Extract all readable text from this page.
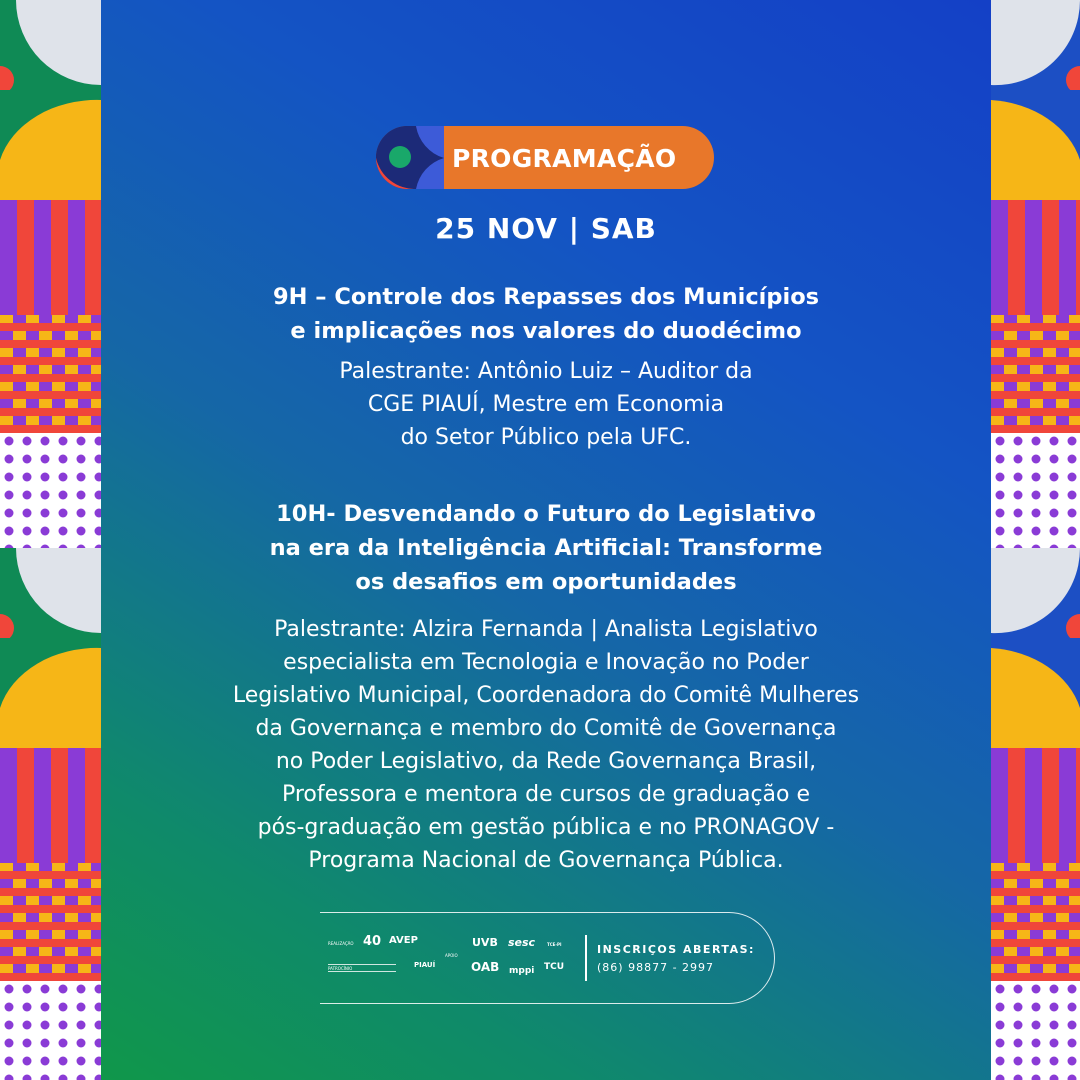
PROGRAMAÇÃO
25 NOV | SAB
9H – Controle dos Repasses dos Municípios
e implicações nos valores do duodécimo
Palestrante: Antônio Luiz – Auditor da
CGE PIAUÍ, Mestre em Economia
do Setor Público pela UFC.
10H- Desvendando o Futuro do Legislativo
na era da Inteligência Artificial: Transforme
os desafios em oportunidades
Palestrante: Alzira Fernanda | Analista Legislativo
especialista em Tecnologia e Inovação no Poder
Legislativo Municipal, Coordenadora do Comitê Mulheres
da Governança e membro do Comitê de Governança
no Poder Legislativo, da Rede Governança Brasil,
Professora e mentora de cursos de graduação e
pós-graduação em gestão pública e no PRONAGOV -
Programa Nacional de Governança Pública.
REALIZAÇÃO
PATROCÍNIO
APOIO
40 AVEP
PIAUÍ
UVB sesc	TCE-PI
OAB mppi TCU
INSCRIÇOS ABERTAS:
(86) 98877 - 2997
